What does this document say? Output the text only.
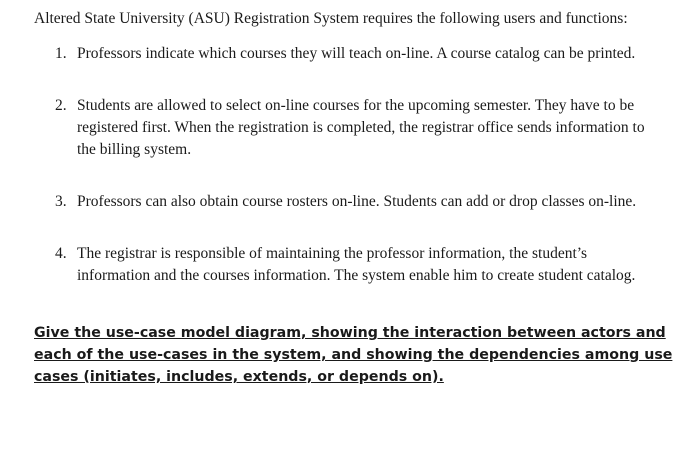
Altered State University (ASU) Registration System requires the following users and functions:

1. Professors indicate which courses they will teach on-line. A course catalog can be printed.
2. Students are allowed to select on-line courses for the upcoming semester. They have to be registered first. When the registration is completed, the registrar office sends information to the billing system.
3. Professors can also obtain course rosters on-line. Students can add or drop classes on-line.
4. The registrar is responsible of maintaining the professor information, the student’s information and the courses information. The system enable him to create student catalog.
Give the use-case model diagram, showing the interaction between actors and each of the use-cases in the system, and showing the dependencies among use cases (initiates, includes, extends, or depends on).
